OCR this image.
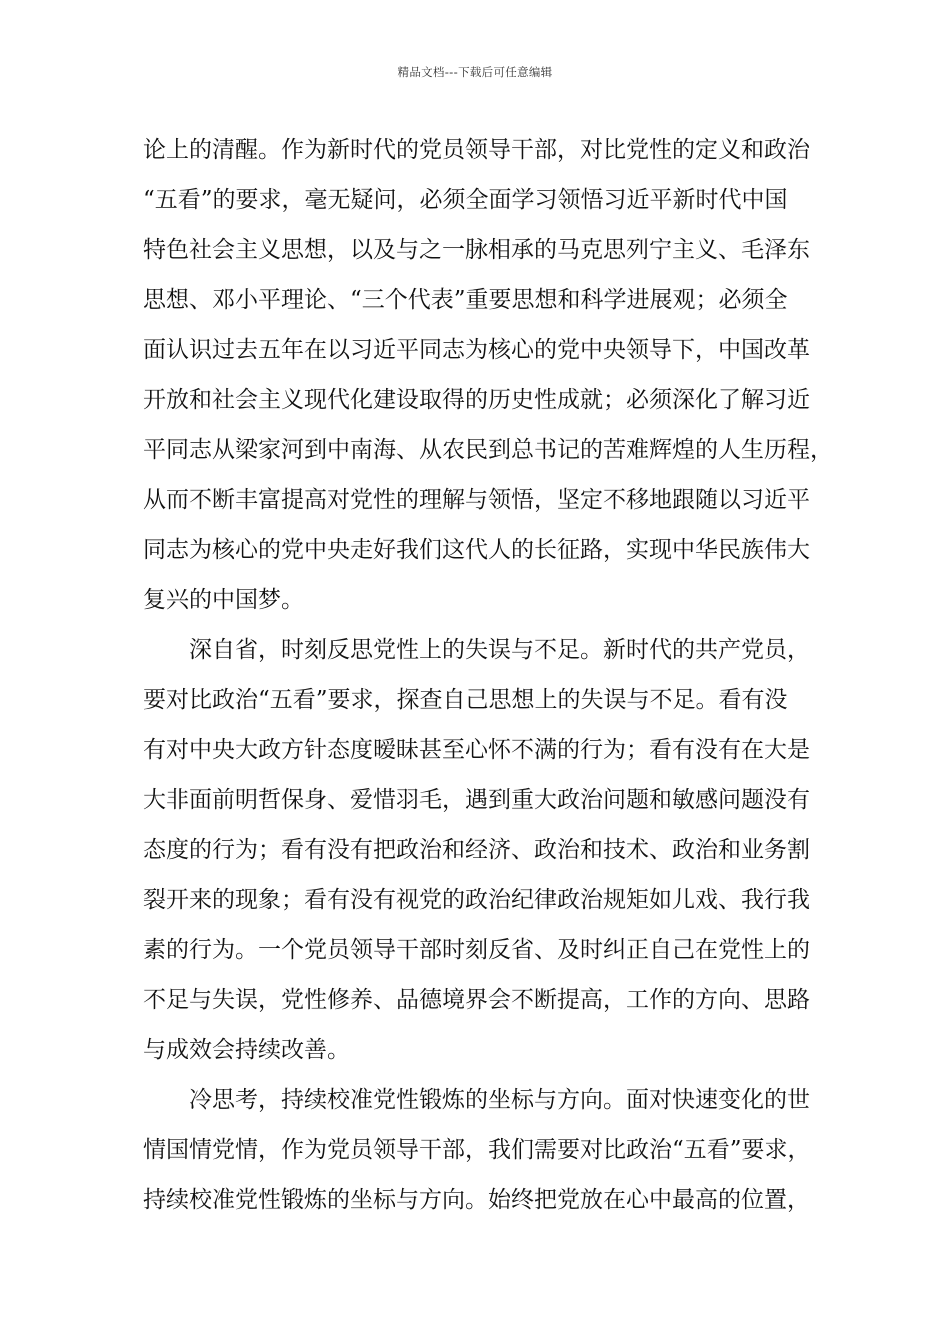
精品文档---下载后可任意编辑
论上的清醒。作为新时代的党员领导干部，对比党性的定义和政治
“五看”的要求，毫无疑问，必须全面学习领悟习近平新时代中国
特色社会主义思想，以及与之一脉相承的马克思列宁主义、毛泽东
思想、邓小平理论、“三个代表”重要思想和科学进展观；必须全
面认识过去五年在以习近平同志为核心的党中央领导下，中国改革
开放和社会主义现代化建设取得的历史性成就；必须深化了解习近
平同志从梁家河到中南海、从农民到总书记的苦难辉煌的人生历程，
从而不断丰富提高对党性的理解与领悟，坚定不移地跟随以习近平
同志为核心的党中央走好我们这代人的长征路，实现中华民族伟大
复兴的中国梦。
深自省，时刻反思党性上的失误与不足。新时代的共产党员，
要对比政治“五看”要求，探查自己思想上的失误与不足。看有没
有对中央大政方针态度暧昧甚至心怀不满的行为；看有没有在大是
大非面前明哲保身、爱惜羽毛，遇到重大政治问题和敏感问题没有
态度的行为；看有没有把政治和经济、政治和技术、政治和业务割
裂开来的现象；看有没有视党的政治纪律政治规矩如儿戏、我行我
素的行为。一个党员领导干部时刻反省、及时纠正自己在党性上的
不足与失误，党性修养、品德境界会不断提高，工作的方向、思路
与成效会持续改善。
冷思考，持续校准党性锻炼的坐标与方向。面对快速变化的世
情国情党情，作为党员领导干部，我们需要对比政治“五看”要求，
持续校准党性锻炼的坐标与方向。始终把党放在心中最高的位置，
